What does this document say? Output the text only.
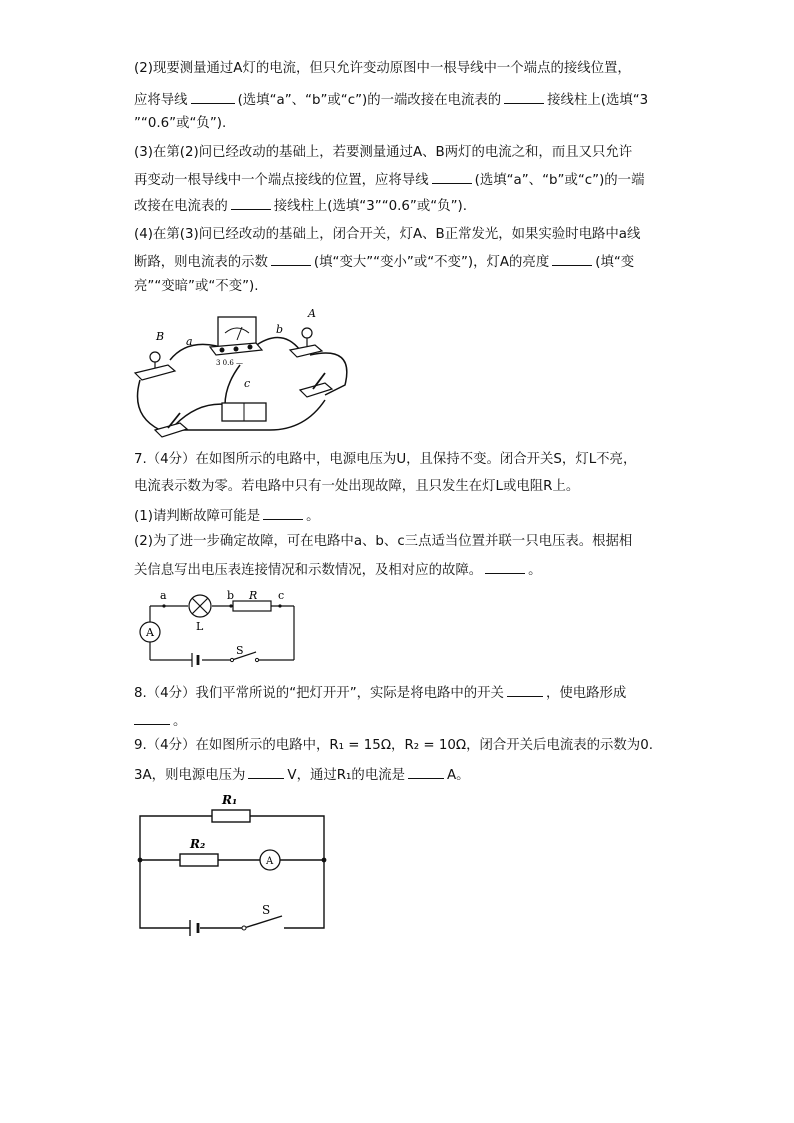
(2)现要测量通过A灯的电流，但只允许变动原图中一根导线中一个端点的接线位置，
应将导线	(选填“a”、“b”或“c”)的一端改接在电流表的	接线柱上(选填“3
”“0.6”或“负”).
(3)在第(2)问已经改动的基础上，若要测量通过A、B两灯的电流之和，而且又只允许
再变动一根导线中一个端点接线的位置，应将导线	(选填“a”、“b”或“c”)的一端
改接在电流表的	接线柱上(选填“3”“0.6”或“负”).
(4)在第(3)问已经改动的基础上，闭合开关，灯A、B正常发光，如果实验时电路中a线
断路，则电流表的示数	(填“变大”“变小”或“不变”)，灯A的亮度	(填“变
亮”“变暗”或“不变”).
B
A
a
b
c
3 0.6 —
7.（4分）在如图所示的电路中，电源电压为U，且保持不变。闭合开关S，灯L不亮，
电流表示数为零。若电路中只有一处出现故障，且只发生在灯L或电阻R上。
(1)请判断故障可能是	。
(2)为了进一步确定故障，可在电路中a、b、c三点适当位置并联一只电压表。根据相
关信息写出电压表连接情况和示数情况，及相对应的故障。	。
a	b	c
R
L
A
S
8.（4分）我们平常所说的“把灯开开”，实际是将电路中的开关	，使电路形成
。
9.（4分）在如图所示的电路中，R₁ = 15Ω，R₂ = 10Ω，闭合开关后电流表的示数为0.
3A，则电源电压为	V，通过R₁的电流是	A。
R₁
R₂
A
S
